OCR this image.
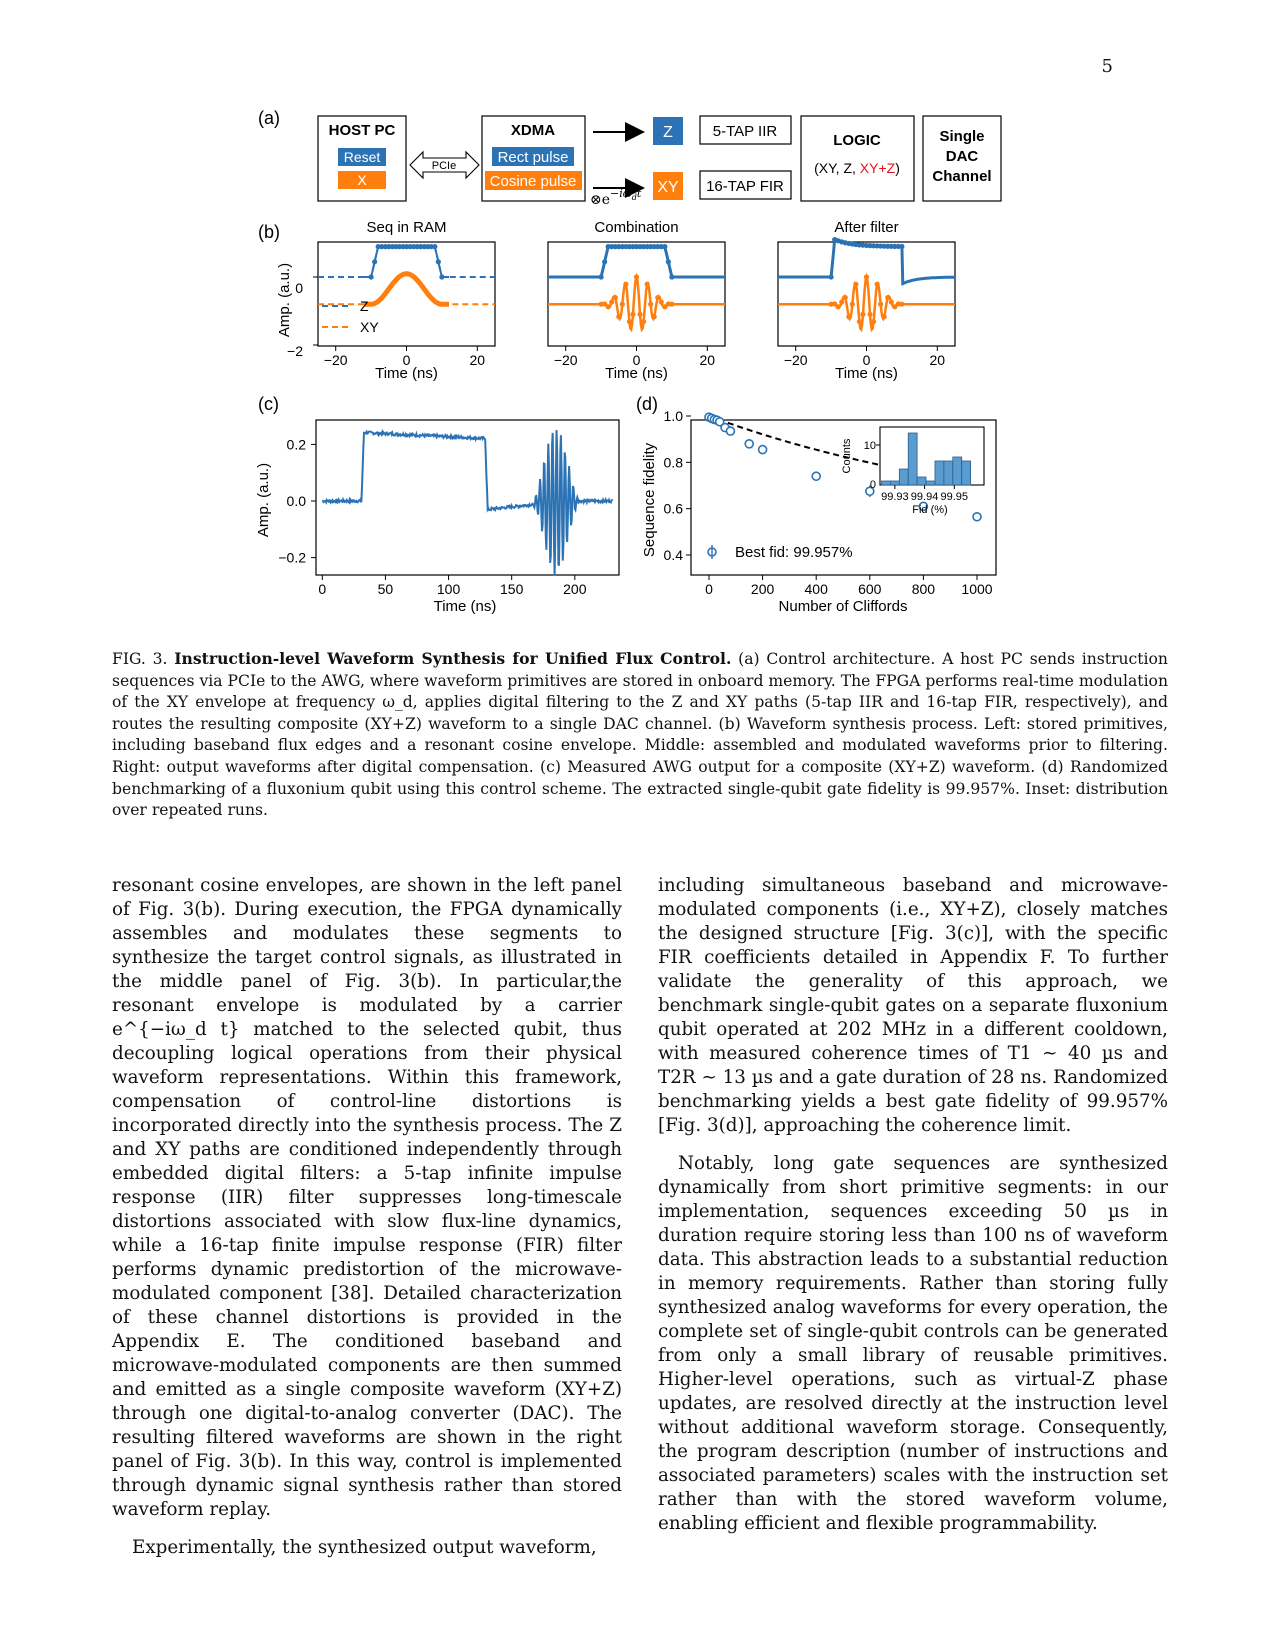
5
(a)
HOST PC
Reset
X
PCIe
XDMA
Rect pulse
Cosine pulse
$\otimes e^{-i\omega}_d^t$
Z
XY
5-TAP IIR
16-TAP FIR
LOGIC
(XY, Z, XY+Z)
Single
DAC
Channel
(b)
Amp. (a.u.)
Seq in RAM
−20	0	20
Time (ns)
Combination
−20	0	20
Time (ns)
After filter
−20	0	20
Time (ns)
0
−2
Z
XY
(c)
Amp. (a.u.)
0	50	100	150	200
0.2
0.0
−0.2
Time (ns)
(d)
Sequence fidelity
0	200 400 600 800 1000
1.0
0.8
0.6
0.4
Number of Cliffords
Best fid: 99.957%
99.93 99.94 99.95
Counts 10
0
Fid (%)
FIG. 3. Instruction-level Waveform Synthesis for Unified Flux Control. (a) Control architecture. A host PC sends instruction sequences via PCIe to the AWG, where waveform primitives are stored in onboard memory. The FPGA performs real-time modulation of the XY envelope at frequency ω_d, applies digital filtering to the Z and XY paths (5-tap IIR and 16-tap FIR, respectively), and routes the resulting composite (XY+Z) waveform to a single DAC channel. (b) Waveform synthesis process. Left: stored primitives, including baseband flux edges and a resonant cosine envelope. Middle: assembled and modulated waveforms prior to filtering. Right: output waveforms after digital compensation. (c) Measured AWG output for a composite (XY+Z) waveform. (d) Randomized benchmarking of a fluxonium qubit using this control scheme. The extracted single-qubit gate fidelity is 99.957%. Inset: distribution over repeated runs.

resonant cosine envelopes, are shown in the left panel of Fig. 3(b). During execution, the FPGA dynamically assembles and modulates these segments to synthesize the target control signals, as illustrated in the middle panel of Fig. 3(b). In particular,the resonant envelope is modulated by a carrier e^{−iω_d t} matched to the selected qubit, thus decoupling logical operations from their physical waveform representations. Within this framework, compensation of control-line distortions is incorporated directly into the synthesis process. The Z and XY paths are conditioned independently through embedded digital filters: a 5-tap infinite impulse response (IIR) filter suppresses long-timescale distortions associated with slow flux-line dynamics, while a 16-tap finite impulse response (FIR) filter performs dynamic predistortion of the microwave-modulated component [38]. Detailed characterization of these channel distortions is provided in the Appendix E. The conditioned baseband and microwave-modulated components are then summed and emitted as a single composite waveform (XY+Z) through one digital-to-analog converter (DAC). The resulting filtered waveforms are shown in the right panel of Fig. 3(b). In this way, control is implemented through dynamic signal synthesis rather than stored waveform replay.

Experimentally, the synthesized output waveform,

including simultaneous baseband and microwave-modulated components (i.e., XY+Z), closely matches the designed structure [Fig. 3(c)], with the specific FIR coefficients detailed in Appendix F. To further validate the generality of this approach, we benchmark single-qubit gates on a separate fluxonium qubit operated at 202 MHz in a different cooldown, with measured coherence times of T1 ∼ 40 µs and T2R ∼ 13 µs and a gate duration of 28 ns. Randomized benchmarking yields a best gate fidelity of 99.957% [Fig. 3(d)], approaching the coherence limit.

Notably, long gate sequences are synthesized dynamically from short primitive segments: in our implementation, sequences exceeding 50 µs in duration require storing less than 100 ns of waveform data. This abstraction leads to a substantial reduction in memory requirements. Rather than storing fully synthesized analog waveforms for every operation, the complete set of single-qubit controls can be generated from only a small library of reusable primitives. Higher-level operations, such as virtual-Z phase updates, are resolved directly at the instruction level without additional waveform storage. Consequently, the program description (number of instructions and associated parameters) scales with the instruction set rather than with the stored waveform volume, enabling efficient and flexible programmability.
